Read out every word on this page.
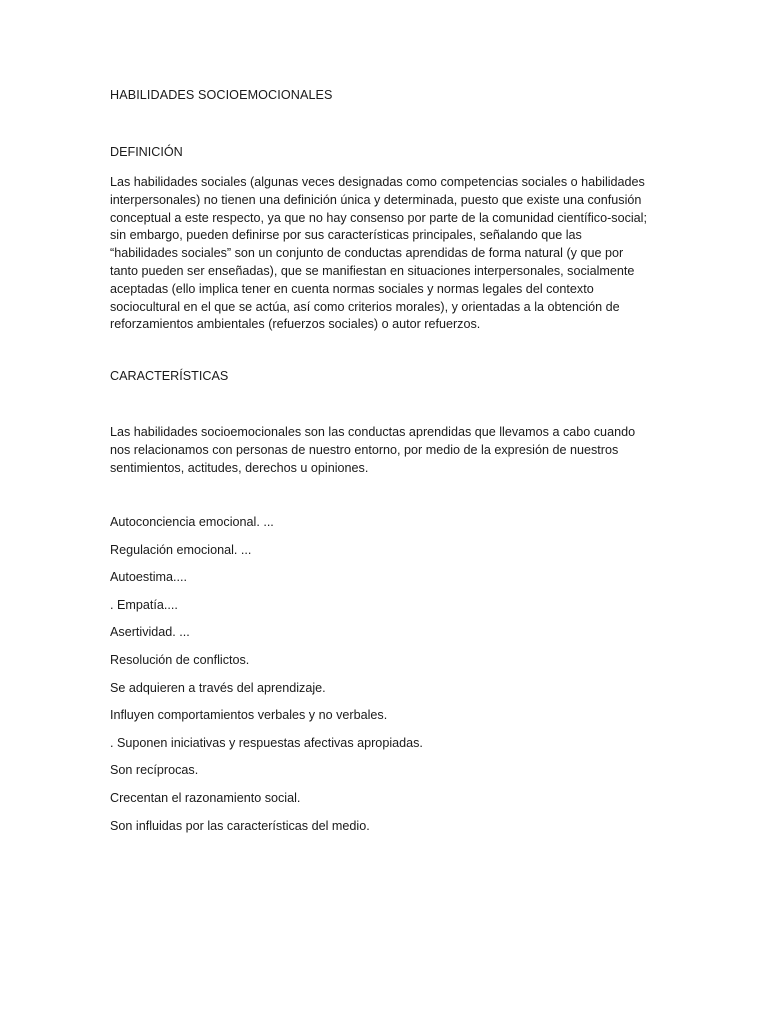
HABILIDADES SOCIOEMOCIONALES
DEFINICIÓN

Las habilidades sociales (algunas veces designadas como competencias sociales o habilidades interpersonales) no tienen una definición única y determinada, puesto que existe una confusión conceptual a este respecto, ya que no hay consenso por parte de la comunidad científico-social; sin embargo, pueden definirse por sus características principales, señalando que las “habilidades sociales” son un conjunto de conductas aprendidas de forma natural (y que por tanto pueden ser enseñadas), que se manifiestan en situaciones interpersonales, socialmente aceptadas (ello implica tener en cuenta normas sociales y normas legales del contexto sociocultural en el que se actúa, así como criterios morales), y orientadas a la obtención de reforzamientos ambientales (refuerzos sociales) o autor refuerzos.

CARACTERÍSTICAS

Las habilidades socioemocionales son las conductas aprendidas que llevamos a cabo cuando nos relacionamos con personas de nuestro entorno, por medio de la expresión de nuestros sentimientos, actitudes, derechos u opiniones.

Autoconciencia emocional. ...
Regulación emocional. ...
Autoestima....
. Empatía....
Asertividad. ...
Resolución de conflictos.
Se adquieren a través del aprendizaje.
Influyen comportamientos verbales y no verbales.
. Suponen iniciativas y respuestas afectivas apropiadas.
Son recíprocas.
Crecentan el razonamiento social.
Son influidas por las características del medio.
